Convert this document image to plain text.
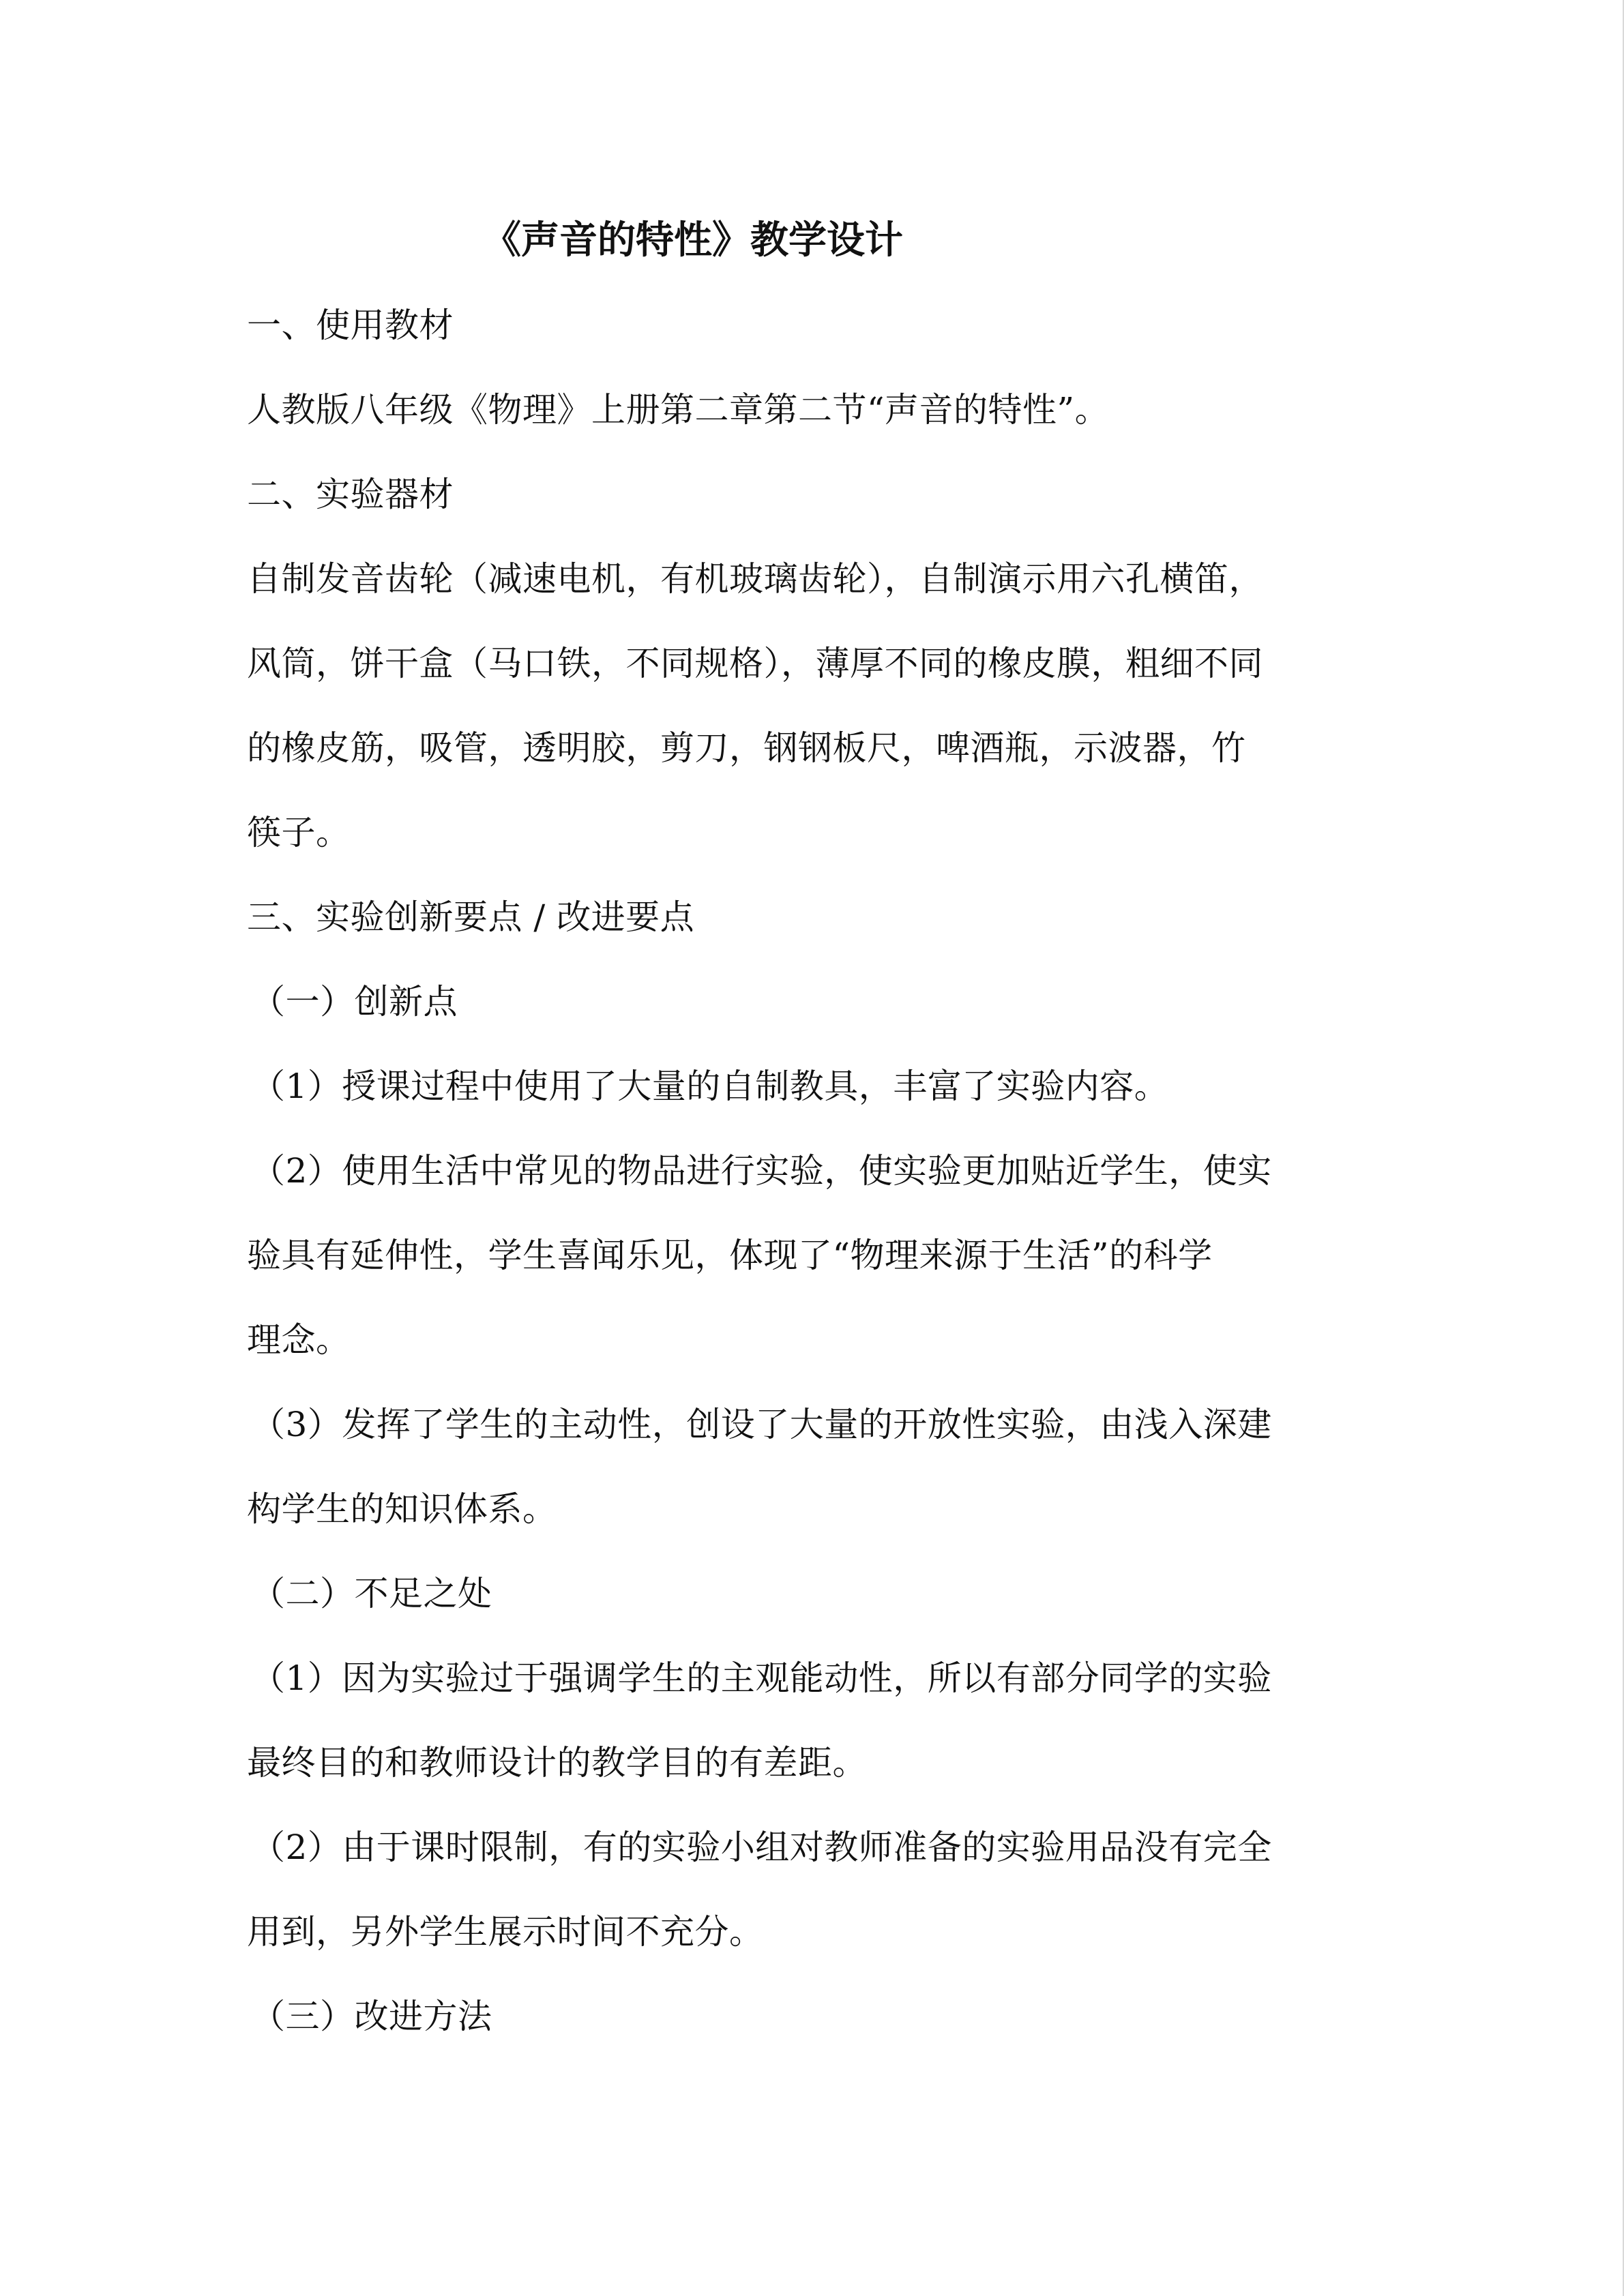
《声音的特性》教学设计
一、使用教材
人教版八年级《物理》上册第二章第二节“声音的特性”。
二、实验器材
自制发音齿轮（减速电机，有机玻璃齿轮），自制演示用六孔横笛，
风筒，饼干盒（马口铁，不同规格），薄厚不同的橡皮膜，粗细不同
的橡皮筋，吸管，透明胶，剪刀，钢钢板尺，啤酒瓶，示波器，竹
筷子。
三、实验创新要点 / 改进要点
（一）创新点
（1）授课过程中使用了大量的自制教具，丰富了实验内容。
（2）使用生活中常见的物品进行实验，使实验更加贴近学生，使实
验具有延伸性，学生喜闻乐见，体现了“物理来源于生活”的科学
理念。
（3）发挥了学生的主动性，创设了大量的开放性实验，由浅入深建
构学生的知识体系。
（二）不足之处
（1）因为实验过于强调学生的主观能动性，所以有部分同学的实验
最终目的和教师设计的教学目的有差距。
（2）由于课时限制，有的实验小组对教师准备的实验用品没有完全
用到，另外学生展示时间不充分。
（三）改进方法
